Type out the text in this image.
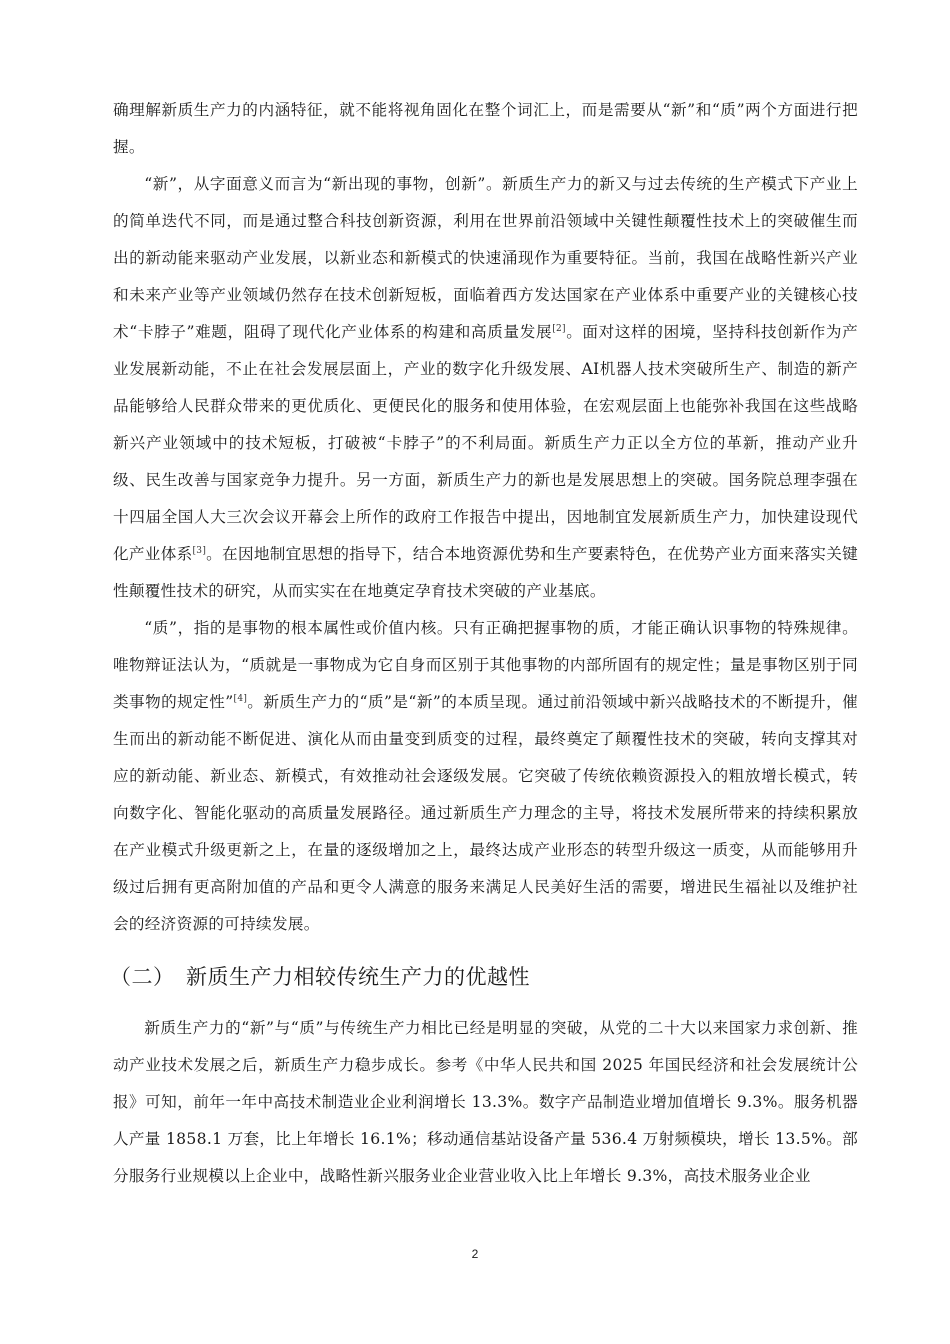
确理解新质生产力的内涵特征，就不能将视角固化在整个词汇上，而是需要从“新”和“质”两个方面进行把握。

“新”，从字面意义而言为“新出现的事物，创新”。新质生产力的新又与过去传统的生产模式下产业上的简单迭代不同，而是通过整合科技创新资源，利用在世界前沿领域中关键性颠覆性技术上的突破催生而出的新动能来驱动产业发展，以新业态和新模式的快速涌现作为重要特征。当前，我国在战略性新兴产业和未来产业等产业领域仍然存在技术创新短板，面临着西方发达国家在产业体系中重要产业的关键核心技术“卡脖子”难题，阻碍了现代化产业体系的构建和高质量发展[2]。面对这样的困境，坚持科技创新作为产业发展新动能，不止在社会发展层面上，产业的数字化升级发展、AI机器人技术突破所生产、制造的新产品能够给人民群众带来的更优质化、更便民化的服务和使用体验，在宏观层面上也能弥补我国在这些战略新兴产业领域中的技术短板，打破被“卡脖子”的不利局面。新质生产力正以全方位的革新，推动产业升级、民生改善与国家竞争力提升。另一方面，新质生产力的新也是发展思想上的突破。国务院总理李强在十四届全国人大三次会议开幕会上所作的政府工作报告中提出，因地制宜发展新质生产力，加快建设现代化产业体系[3]。在因地制宜思想的指导下，结合本地资源优势和生产要素特色，在优势产业方面来落实关键性颠覆性技术的研究，从而实实在在地奠定孕育技术突破的产业基底。

“质”，指的是事物的根本属性或价值内核。只有正确把握事物的质，才能正确认识事物的特殊规律。唯物辩证法认为，“质就是一事物成为它自身而区别于其他事物的内部所固有的规定性；量是事物区别于同类事物的规定性”[4]。新质生产力的“质”是“新”的本质呈现。通过前沿领域中新兴战略技术的不断提升，催生而出的新动能不断促进、演化从而由量变到质变的过程，最终奠定了颠覆性技术的突破，转向支撑其对应的新动能、新业态、新模式，有效推动社会逐级发展。它突破了传统依赖资源投入的粗放增长模式，转向数字化、智能化驱动的高质量发展路径。通过新质生产力理念的主导，将技术发展所带来的持续积累放在产业模式升级更新之上，在量的逐级增加之上，最终达成产业形态的转型升级这一质变，从而能够用升级过后拥有更高附加值的产品和更令人满意的服务来满足人民美好生活的需要，增进民生福祉以及维护社会的经济资源的可持续发展。

（二） 新质生产力相较传统生产力的优越性

新质生产力的“新”与“质”与传统生产力相比已经是明显的突破，从党的二十大以来国家力求创新、推动产业技术发展之后，新质生产力稳步成长。参考《中华人民共和国 2025 年国民经济和社会发展统计公报》可知，前年一年中高技术制造业企业利润增长 13.3%。数字产品制造业增加值增长 9.3%。服务机器人产量 1858.1 万套，比上年增长 16.1%；移动通信基站设备产量 536.4 万射频模块，增长 13.5%。部分服务行业规模以上企业中，战略性新兴服务业企业营业收入比上年增长 9.3%，高技术服务业企业

2
